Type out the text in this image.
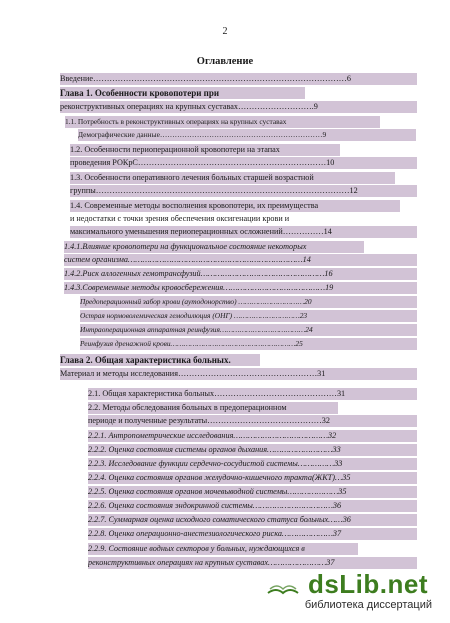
2
Оглавление
Введение…………………………………………………………………………………6
Глава 1. Особенности кровопотери при
реконструктивных операциях на крупных суставах……………………….9
1.1. Потребность в реконструктивных операциях на крупных суставах
Демографические данные…………………………………………………………9
1.2. Особенности периоперационной кровопотери на этапах
проведения РОКрС……………………………………………………………10
1.3. Особенности оперативного лечения больных старшей возрастной
группы…………………………………………………………………………………12
1.4. Современные методы восполнения кровопотери, их преимущества
и недостатки с точки зрения обеспечения оксигенации крови и
максимального уменьшения периоперационных осложнений……………14
1.4.1.Влияние кровопотери на функциональное состояние некоторых
систем организма………………………………………………………………14
1.4.2.Риск аллогенных гемотрансфузий……………………………………………16
1.4.3.Современные методы кровосбережения……………………………………19
Предоперационный забор крови (аутодонорство) …………………………20
Острая нормоволемическая гемодилюция (ОНГ) …………………………23
Интраоперационная аппаратная реинфузия…………………………………24
Реинфузия дренажной крови…………………………………………………25
Глава 2. Общая характеристика больных.
Материал и методы исследования……………………………………………31
2.1. Общая характеристика больных………………………………………31
2.2. Методы обследования больных в предоперационном
периоде и полученные результаты……………………………………32
2.2.1. Антропометрические исследования…………………………………32
2.2.2. Оценка состояния системы органов дыхания………………………33
2.2.3. Исследование функции сердечно-сосудистой системы……………33
2.2.4. Оценка состояния органов желудочно-кишечного тракта(ЖКТ)…35
2.2.5. Оценка состояния органов мочевыводной системы…………………35
2.2.6. Оценка состояния эндокринной системы……………………………36
2.2.7. Суммарная оценка исходного соматического статуса больных……36
2.2.8. Оценка операционно-анестезиологического риска…………………37
2.2.9. Состояние водных секторов у больных, нуждающихся в
реконструктивных операциях на крупных суставах……………………37
dsLib.net
библиотека диссертаций
